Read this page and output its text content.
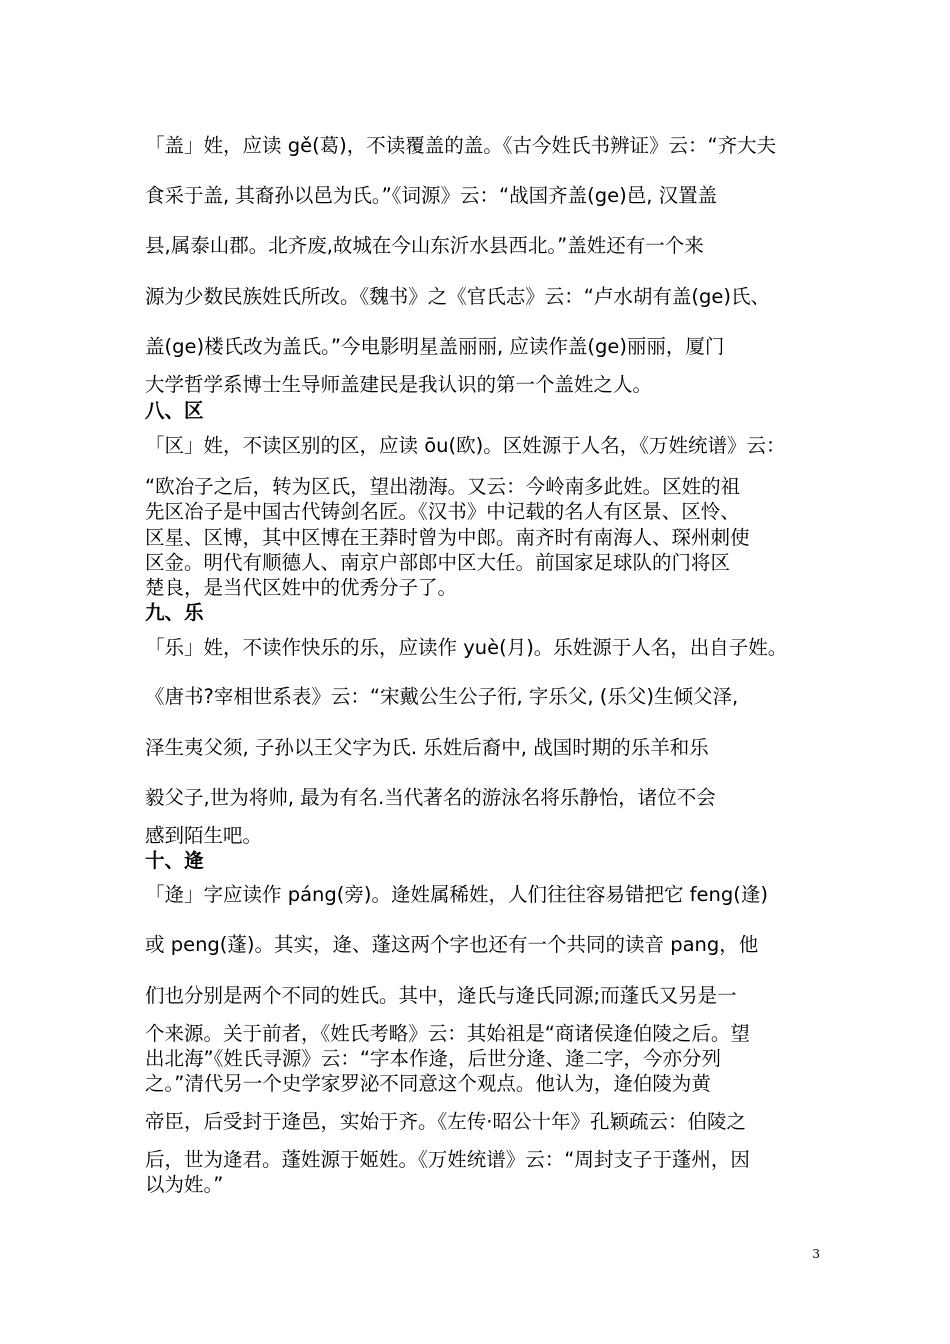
「盖」姓，应读 gě(葛)，不读覆盖的盖。《古今姓氏书辨证》云：“齐大夫
食采于盖, 其裔孙以邑为氏。”《词源》云：“战国齐盖(ge)邑, 汉置盖
县,属泰山郡。北齐废,故城在今山东沂水县西北。”盖姓还有一个来
源为少数民族姓氏所改。《魏书》之《官氏志》云：“卢水胡有盖(ge)氏、
盖(ge)楼氏改为盖氏。”今电影明星盖丽丽, 应读作盖(ge)丽丽，厦门
大学哲学系博士生导师盖建民是我认识的第一个盖姓之人。
八、区
「区」姓，不读区别的区，应读 ōu(欧)。区姓源于人名，《万姓统谱》云：
“欧冶子之后，转为区氏，望出渤海。又云：今岭南多此姓。区姓的祖
先区冶子是中国古代铸剑名匠。《汉书》中记载的名人有区景、区怜、
区星、区博，其中区博在王莽时曾为中郎。南齐时有南海人、琛州刺使
区金。明代有顺德人、南京户部郎中区大任。前国家足球队的门将区
楚良，是当代区姓中的优秀分子了。
九、乐
「乐」姓，不读作快乐的乐，应读作 yuè(月)。乐姓源于人名，出自子姓。
《唐书?宰相世系表》云：“宋戴公生公子衎, 字乐父, (乐父)生倾父泽,
泽生夷父须, 子孙以王父字为氏. 乐姓后裔中, 战国时期的乐羊和乐
毅父子,世为将帅, 最为有名.当代著名的游泳名将乐静怡，诸位不会
感到陌生吧。
十、逄
「逄」字应读作 páng(旁)。逄姓属稀姓，人们往往容易错把它 feng(逢)
或 peng(蓬)。其实，逄、蓬这两个字也还有一个共同的读音 pang，他
们也分别是两个不同的姓氏。其中，逄氏与逄氏同源;而蓬氏又另是一
个来源。关于前者，《姓氏考略》云：其始祖是“商诸侯逄伯陵之后。望
出北海”《姓氏寻源》云：“字本作逄，后世分逄、逄二字，今亦分列
之。”清代另一个史学家罗泌不同意这个观点。他认为，逄伯陵为黄
帝臣，后受封于逄邑，实始于齐。《左传·昭公十年》孔颖疏云：伯陵之
后，世为逄君。蓬姓源于姬姓。《万姓统谱》云：“周封支子于蓬州，因
以为姓。”
3
